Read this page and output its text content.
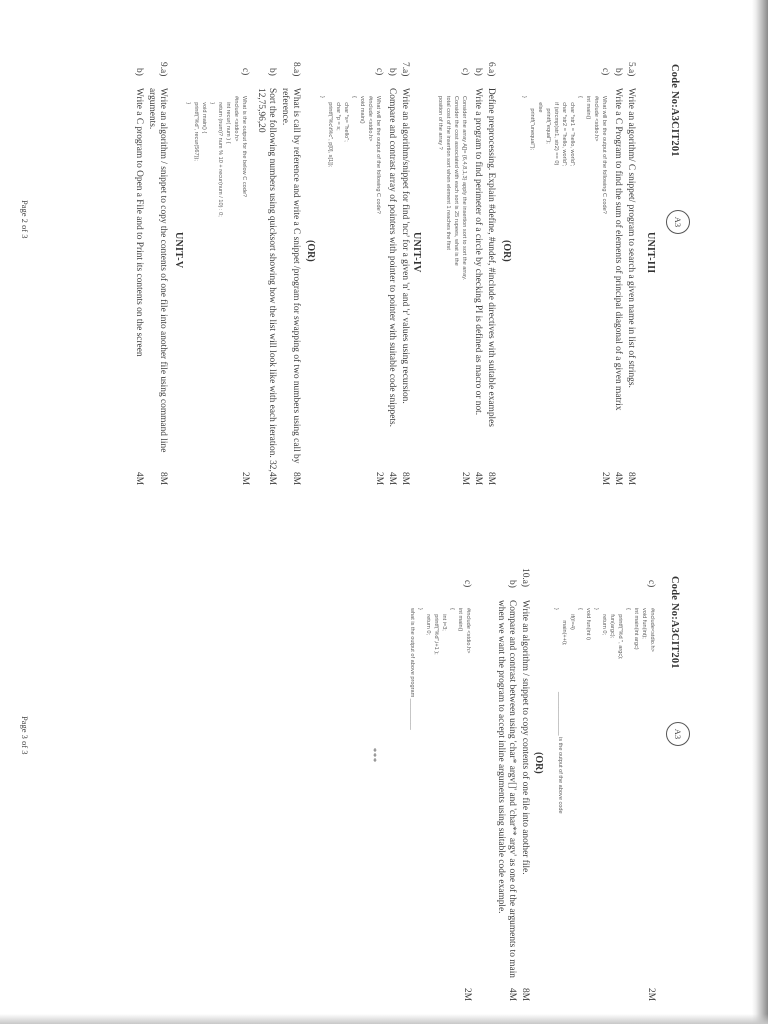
Code No:A3CIT201
A3
UNIT-III
5.a)
Write an algorithm/ C snippet/ program to search a given name in list of strings.
8M
b)
Write a C Program to find the sum of elements of principal diagonal of a given matrix
4M
c)
What will be the output of the following C code?
#include <stdio.h>
int main()
{
char *str1 = "hello, world";
char *str2 = "hello, world";
if (strcmp(str1, str2) == 0)
printf("equal");
else
printf("unequal");
}
2M
(OR)
6.a)
Define preprocessing. Explain #define, #undef, #include directives with suitable examples
8M
b)
Write a program to find perimeter of a circle by checking PI is defined as macro or not.
4M
c)
Consider the array A[]= {6,4,8,1,3} apply the insertion sort to sort the array.
Consider the cost associated with each sort is 25 rupees, what is the
total cost of the insertion sort when element 1 reaches the first
position of the array ?
2M
UNIT-IV
7.a)
Write an algorithm/snippet for find 'ncr' for a given 'n' and 'r' values using recursion.
8M
b)
Compare and contrast array of pointers with pointer to pointer with suitable code snippets.
4M
c)
What will be the output of the following C code?
#include <stdio.h>
void main()
{
char *s= "hello";
char *p = s;
printf("%c\t%c", p[0], s[1]);
}
2M
(OR)
8.a)
What is call by reference and write a C snippet /program for swapping of two numbers using call by reference.
8M
b)
Sort the following numbers using quicksort showing how the list will look like with each iteration. 32, 12,75,96,20
4M
c)
What is the output for the below C code?
#include <stdio.h>
int recur( num ) {
return (num)? num % 10 + recur(num / 10) : 0;
}
void main() {
printf("%d", recur(567));
}
2M
UNIT-V
9.a)
Write an algorithm / snippet to copy the contents of one file into another file using command line arguments.
8M
b)
Write a C program to Open a File and to Print its contents on the screen
4M
Page 2 of 3
Code No:A3CIT201
A3
c)
#include<stdio.h>
void fun(int);
int main(int argc)
{
printf("%d ", argc);
fun(argc);
return 0;
}
void fun(int i)
{
if(i!=4)
main(++i);
}
2M
______________ is the output of the above code
(OR)
10.a)
Write an algorithm / snippet to copy contents of one file into another file.
8M
b)
Compare and contrast between using 'char* argv[]' and 'char** argv' as one of the arguments to main when we want the program to accept inline arguments using suitable code example.
4M
c)
#include <stdio.h>
int main()
{
int i=3;
printf("%d",i+1 );
return 0;
}
what is the output of above program __________
2M
***
Page 3 of 3
